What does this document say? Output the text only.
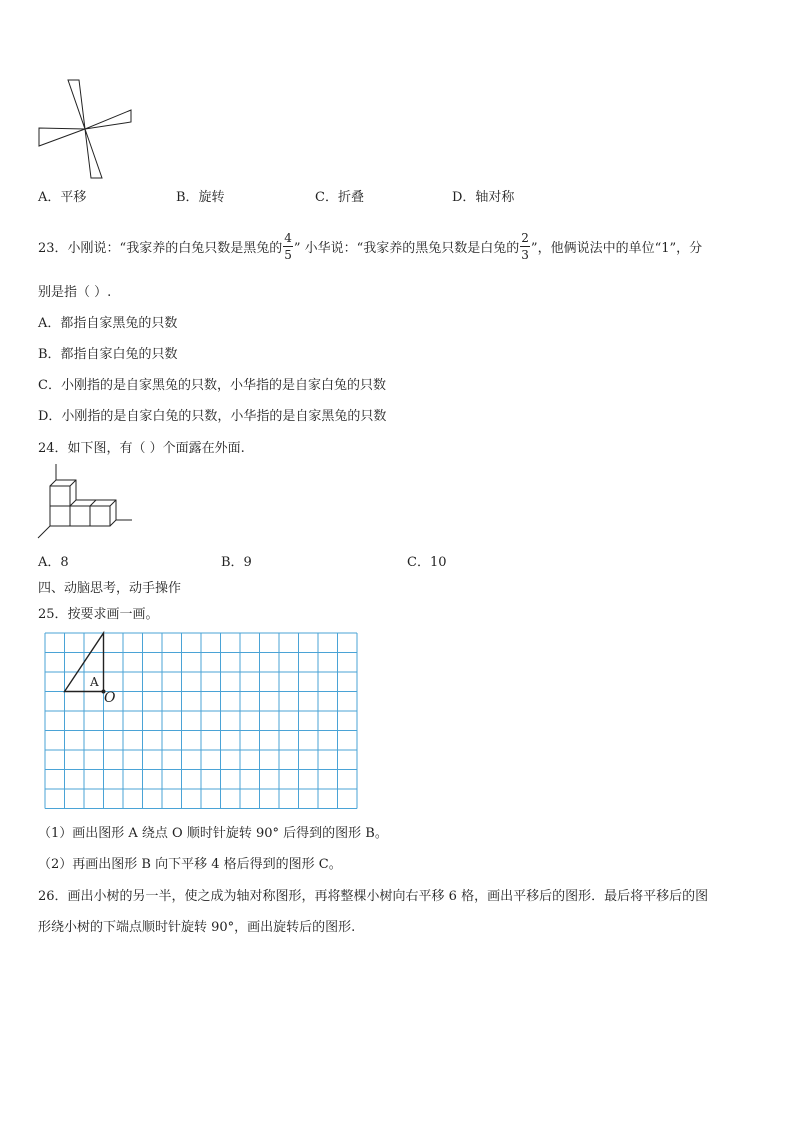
A．平移	B．旋转	C．折叠	D．轴对称
23．小刚说：“我家养的白兔只数是黑兔的 $\frac{4}{5}$ ” 小华说：“我家养的黑兔只数是白兔的 $\frac{2}{3}$ ”，他俩说法中的单位“1”，分
别是指（ ）.
A．都指自家黑兔的只数
B．都指自家白兔的只数
C．小刚指的是自家黑兔的只数，小华指的是自家白兔的只数
D．小刚指的是自家白兔的只数，小华指的是自家黑兔的只数
24．如下图，有（ ）个面露在外面.
A．8	B．9	C．10
四、动脑思考，动手操作
25．按要求画一画。
A
O
（1）画出图形 A 绕点 O 顺时针旋转 90° 后得到的图形 B。
（2）再画出图形 B 向下平移 4 格后得到的图形 C。
26．画出小树的另一半，使之成为轴对称图形，再将整棵小树向右平移 6 格，画出平移后的图形．最后将平移后的图
形绕小树的下端点顺时针旋转 90°，画出旋转后的图形.
